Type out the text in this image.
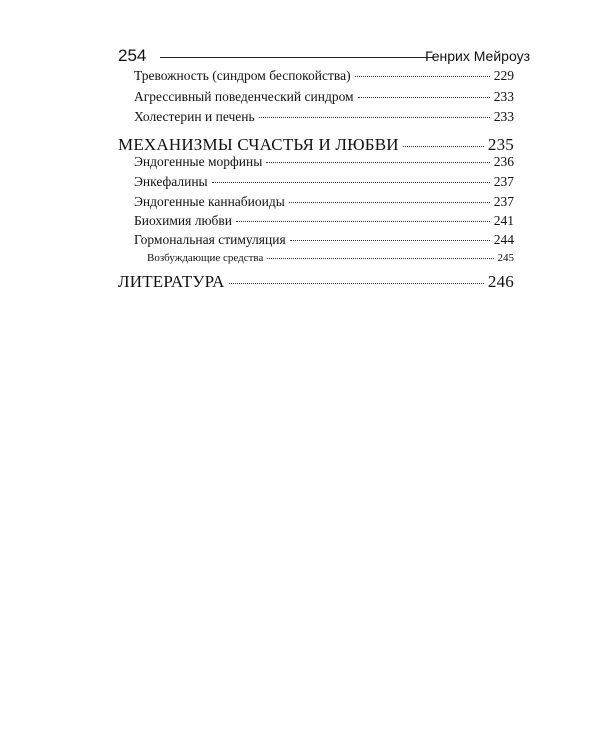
254	Генрих Мейроуз
Тревожность (синдром беспокойства)	229
Агрессивный поведенческий синдром	233
Холестерин и печень	233
МЕХАНИЗМЫ СЧАСТЬЯ И ЛЮБВИ	235
Эндогенные морфины	236
Энкефалины	237
Эндогенные каннабиоиды	237
Биохимия любви	241
Гормональная стимуляция	244
Возбуждающие средства	245
ЛИТЕРАТУРА	246
